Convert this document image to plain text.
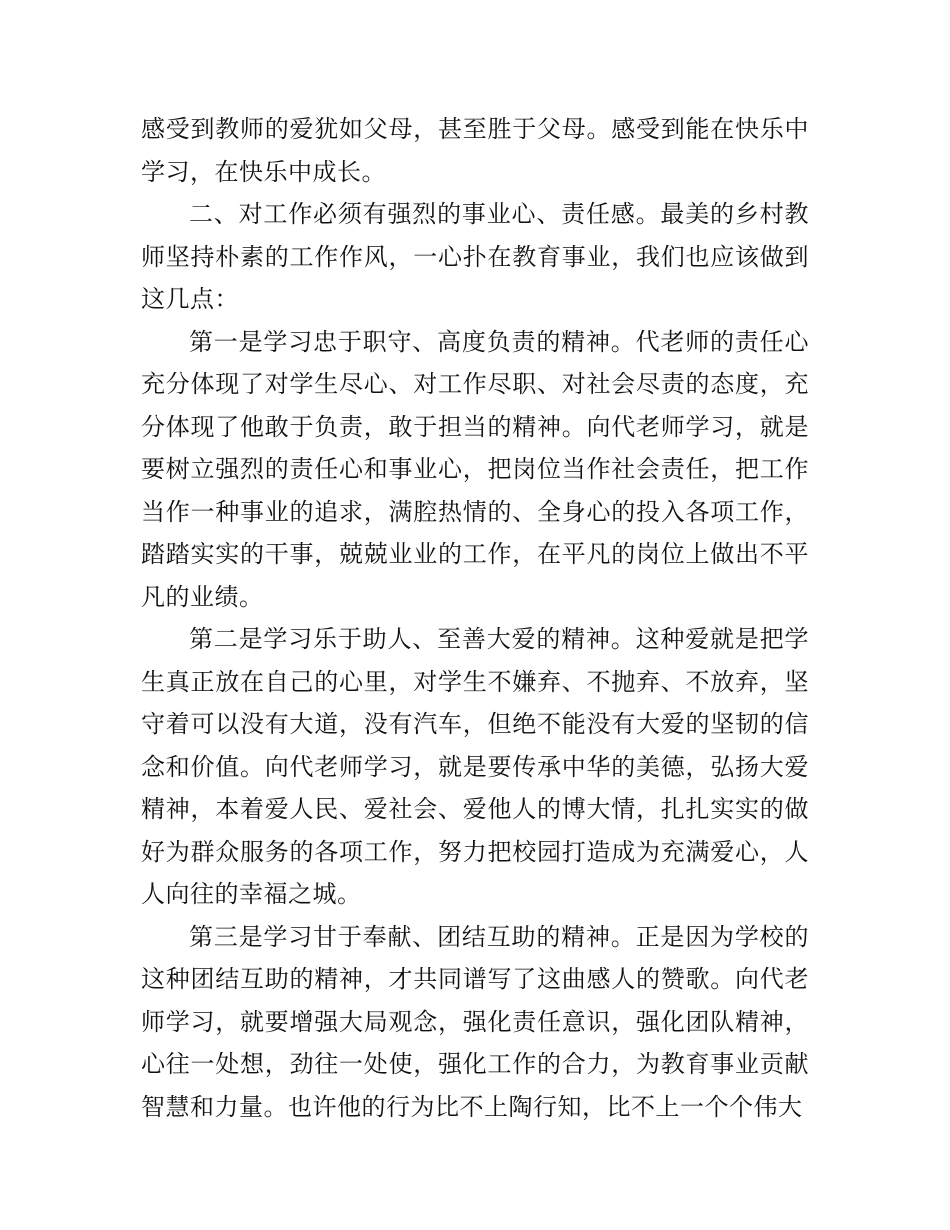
感受到教师的爱犹如父母，甚至胜于父母。感受到能在快乐中学习，在快乐中成长。

二、对工作必须有强烈的事业心、责任感。最美的乡村教师坚持朴素的工作作风，一心扑在教育事业，我们也应该做到这几点：

第一是学习忠于职守、高度负责的精神。代老师的责任心充分体现了对学生尽心、对工作尽职、对社会尽责的态度，充分体现了他敢于负责，敢于担当的精神。向代老师学习，就是要树立强烈的责任心和事业心，把岗位当作社会责任，把工作当作一种事业的追求，满腔热情的、全身心的投入各项工作，踏踏实实的干事，兢兢业业的工作，在平凡的岗位上做出不平凡的业绩。

第二是学习乐于助人、至善大爱的精神。这种爱就是把学生真正放在自己的心里，对学生不嫌弃、不抛弃、不放弃，坚守着可以没有大道，没有汽车，但绝不能没有大爱的坚韧的信念和价值。向代老师学习，就是要传承中华的美德，弘扬大爱精神，本着爱人民、爱社会、爱他人的博大情，扎扎实实的做好为群众服务的各项工作，努力把校园打造成为充满爱心，人人向往的幸福之城。

第三是学习甘于奉献、团结互助的精神。正是因为学校的这种团结互助的精神，才共同谱写了这曲感人的赞歌。向代老师学习，就要增强大局观念，强化责任意识，强化团队精神，心往一处想，劲往一处使，强化工作的合力，为教育事业贡献智慧和力量。也许他的行为比不上陶行知，比不上一个个伟大
